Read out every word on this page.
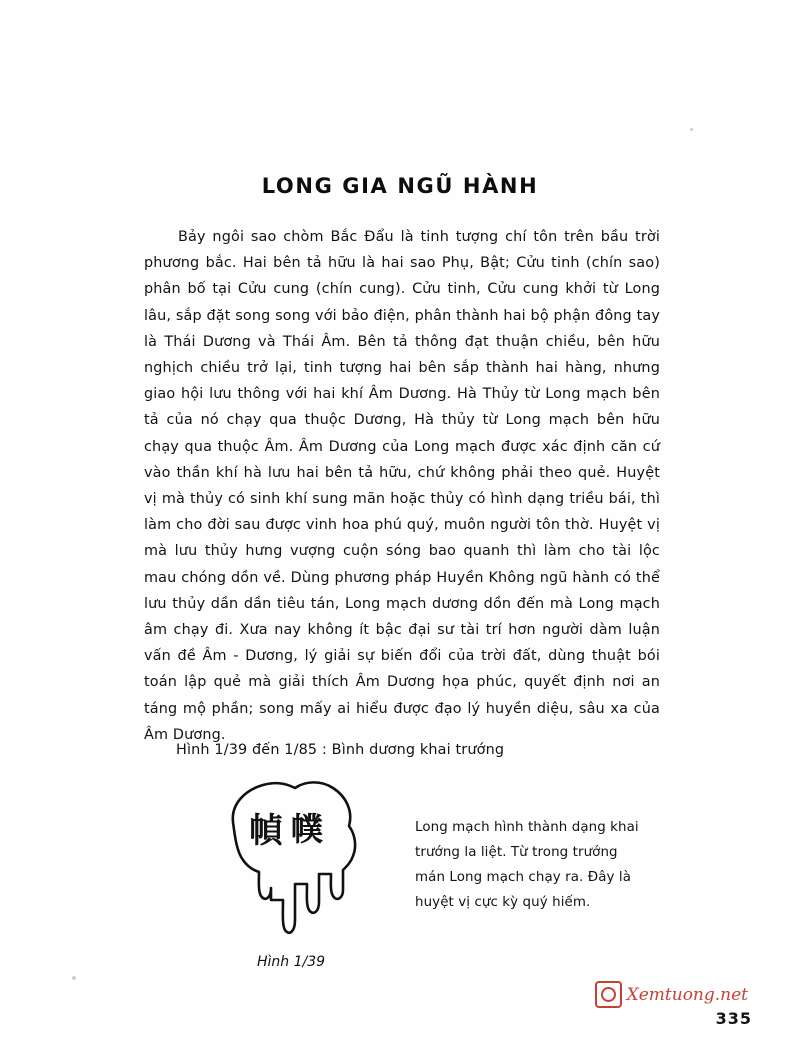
LONG GIA NGŨ HÀNH
Bảy ngôi sao chòm Bắc Đẩu là tinh tượng chí tôn trên bầu trời phương bắc. Hai bên tả hữu là hai sao Phụ, Bật; Cửu tinh (chín sao) phân bố tại Cửu cung (chín cung). Cửu tinh, Cửu cung khởi từ Long lâu, sắp đặt song song với bảo điện, phân thành hai bộ phận đông tay là Thái Dương và Thái Âm. Bên tả thông đạt thuận chiều, bên hữu nghịch chiều trở lại, tinh tượng hai bên sắp thành hai hàng, nhưng giao hội lưu thông với hai khí Âm Dương. Hà Thủy từ Long mạch bên tả của nó chạy qua thuộc Dương, Hà thủy từ Long mạch bên hữu chạy qua thuộc Âm. Âm Dương của Long mạch được xác định căn cứ vào thần khí hà lưu hai bên tả hữu, chứ không phải theo quẻ. Huyệt vị mà thủy có sinh khí sung mãn hoặc thủy có hình dạng triều bái, thì làm cho đời sau được vinh hoa phú quý, muôn người tôn thờ. Huyệt vị mà lưu thủy hưng vượng cuộn sóng bao quanh thì làm cho tài lộc mau chóng dồn về. Dùng phương pháp Huyền Không ngũ hành có thể lưu thủy dần dần tiêu tán, Long mạch dương dồn đến mà Long mạch âm chạy đi. Xưa nay không ít bậc đại sư tài trí hơn người dàm luận vấn đề Âm - Dương, lý giải sự biến đổi của trời đất, dùng thuật bói toán lập quẻ mà giải thích Âm Dương họa phúc, quyết định nơi an táng mộ phần; song mấy ai hiểu được đạo lý huyền diệu, sâu xa của Âm Dương.
Hình 1/39 đến 1/85 : Bình dương khai trướng
幀 幞
Hình 1/39
Long mạch hình thành dạng khai trướng la liệt. Từ trong trướng mán Long mạch chạy ra. Đây là huyệt vị cực kỳ quý hiếm.
Xemtuong.net
335
